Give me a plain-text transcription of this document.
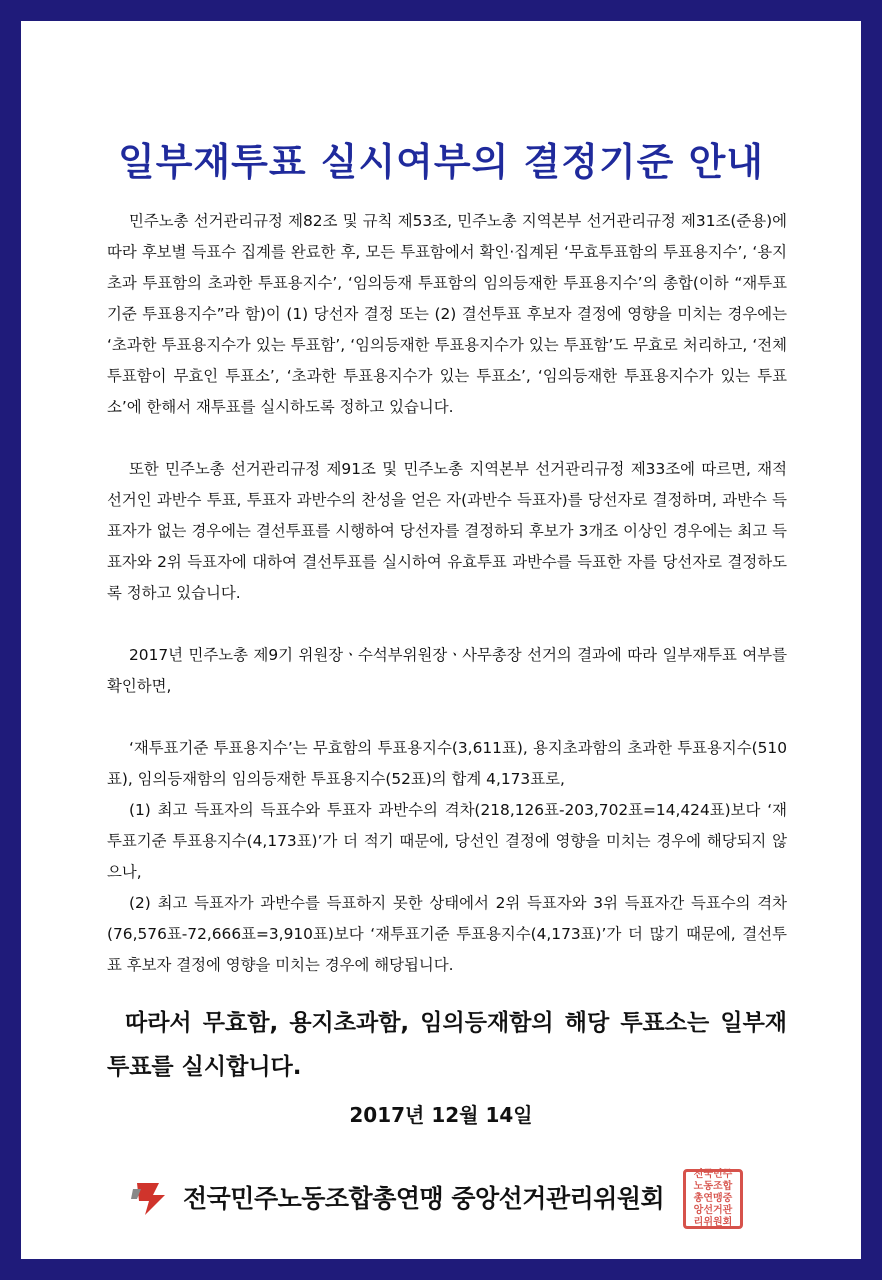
일부재투표 실시여부의 결정기준 안내

민주노총 선거관리규정 제82조 및 규칙 제53조, 민주노총 지역본부 선거관리규정 제31조(준용)에 따라 후보별 득표수 집계를 완료한 후, 모든 투표함에서 확인·집계된 ‘무효투표함의 투표용지수’, ‘용지초과 투표함의 초과한 투표용지수’, ‘임의등재 투표함의 임의등재한 투표용지수’의 총합(이하 “재투표기준 투표용지수”라 함)이 (1) 당선자 결정 또는 (2) 결선투표 후보자 결정에 영향을 미치는 경우에는 ‘초과한 투표용지수가 있는 투표함’, ‘임의등재한 투표용지수가 있는 투표함’도 무효로 처리하고, ‘전체 투표함이 무효인 투표소’, ‘초과한 투표용지수가 있는 투표소’, ‘임의등재한 투표용지수가 있는 투표소’에 한해서 재투표를 실시하도록 정하고 있습니다.

또한 민주노총 선거관리규정 제91조 및 민주노총 지역본부 선거관리규정 제33조에 따르면, 재적 선거인 과반수 투표, 투표자 과반수의 찬성을 얻은 자(과반수 득표자)를 당선자로 결정하며, 과반수 득표자가 없는 경우에는 결선투표를 시행하여 당선자를 결정하되 후보가 3개조 이상인 경우에는 최고 득표자와 2위 득표자에 대하여 결선투표를 실시하여 유효투표 과반수를 득표한 자를 당선자로 결정하도록 정하고 있습니다.

2017년 민주노총 제9기 위원장ㆍ수석부위원장ㆍ사무총장 선거의 결과에 따라 일부재투표 여부를 확인하면,

‘재투표기준 투표용지수’는 무효함의 투표용지수(3,611표), 용지초과함의 초과한 투표용지수(510표), 임의등재함의 임의등재한 투표용지수(52표)의 합계 4,173표로,

(1) 최고 득표자의 득표수와 투표자 과반수의 격차(218,126표-203,702표=14,424표)보다 ‘재투표기준 투표용지수(4,173표)’가 더 적기 때문에, 당선인 결정에 영향을 미치는 경우에 해당되지 않으나,

(2) 최고 득표자가 과반수를 득표하지 못한 상태에서 2위 득표자와 3위 득표자간 득표수의 격차(76,576표-72,666표=3,910표)보다 ‘재투표기준 투표용지수(4,173표)’가 더 많기 때문에, 결선투표 후보자 결정에 영향을 미치는 경우에 해당됩니다.

따라서 무효함, 용지초과함, 임의등재함의 해당 투표소는 일부재투표를 실시합니다.
2017년 12월 14일
전국민주노동조합총연맹 중앙선거관리위원회
전국민주노동조합총연맹중앙선거관리위원회
